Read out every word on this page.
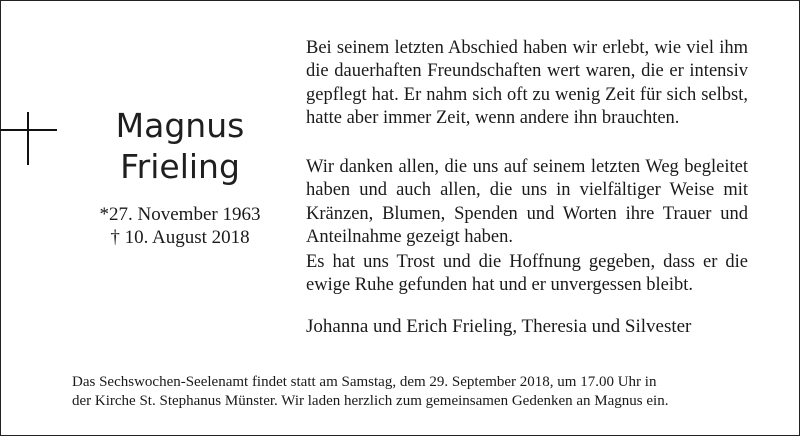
Magnus
Frieling
*27. November 1963
† 10. August 2018
Bei seinem letzten Abschied haben wir erlebt, wie viel ihm die dauerhaften Freundschaften wert waren, die er intensiv gepflegt hat. Er nahm sich oft zu wenig Zeit für sich selbst, hatte aber immer Zeit, wenn andere ihn brauchten.
Wir danken allen, die uns auf seinem letzten Weg begleitet haben und auch allen, die uns in vielfältiger Weise mit Kränzen, Blumen, Spenden und Worten ihre Trauer und Anteilnahme gezeigt haben.
Es hat uns Trost und die Hoffnung gegeben, dass er die ewige Ruhe gefunden hat und er unvergessen bleibt.
Johanna und Erich Frieling, Theresia und Silvester
Das Sechswochen-Seelenamt findet statt am Samstag, dem 29. September 2018, um 17.00 Uhr in
der Kirche St. Stephanus Münster. Wir laden herzlich zum gemeinsamen Gedenken an Magnus ein.
